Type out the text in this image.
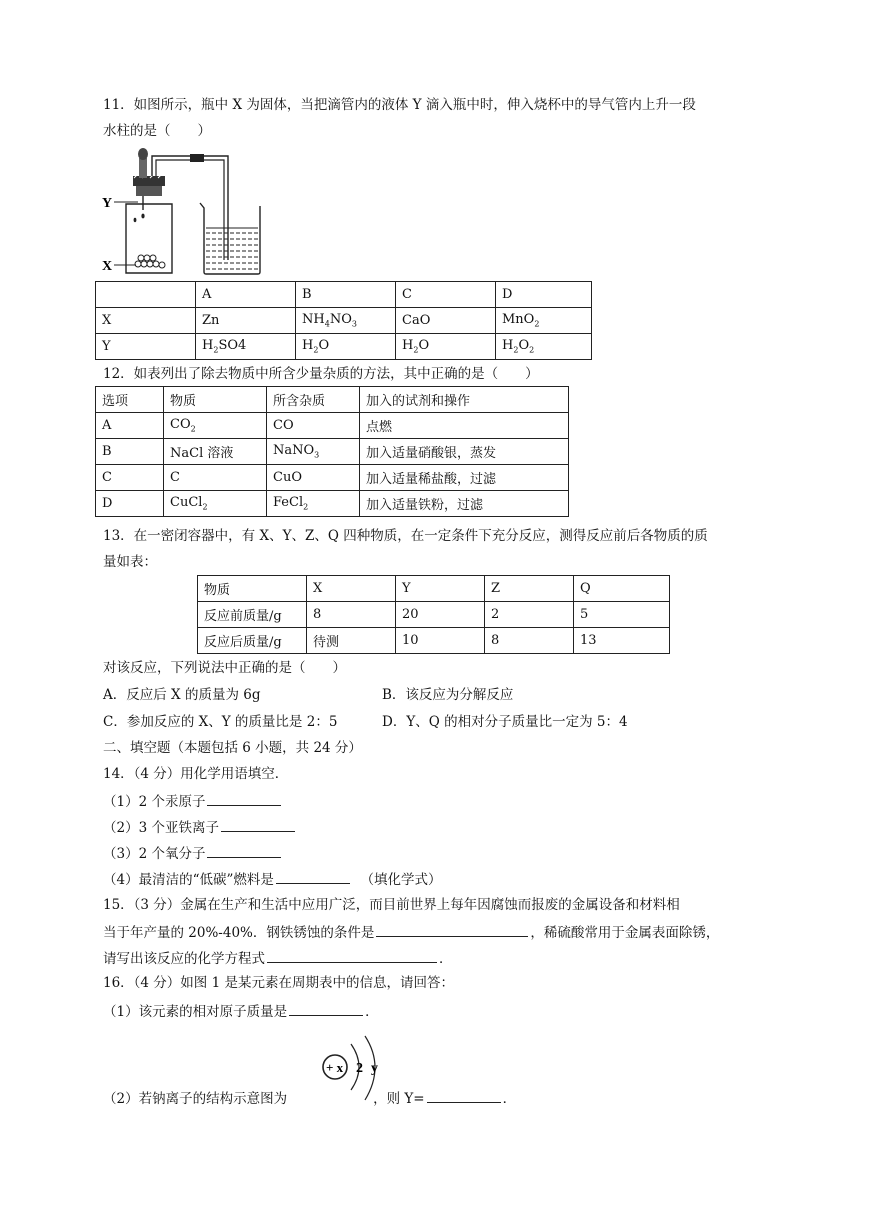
11．如图所示，瓶中 X 为固体，当把滴管内的液体 Y 滴入瓶中时，伸入烧杯中的导气管内上升一段
水柱的是（　　）
Y
X
	A	B	C	D
X	Zn	$NH_4NO_3$	CaO	MnO$_2$
Y	$H_2SO4$	$H_2O$	$H_2O$	$H_2O_2$
12．如表列出了除去物质中所含少量杂质的方法，其中正确的是（　　）
选项	物质	所含杂质	加入的试剂和操作
A	$CO_2$	CO	点燃
B	NaCl 溶液	NaNO$_3$	加入适量硝酸银，蒸发
C	C	CuO	加入适量稀盐酸，过滤
D	CuCl$_2$	FeCl$_2$	加入适量铁粉，过滤
13．在一密闭容器中，有 X、Y、Z、Q 四种物质，在一定条件下充分反应，测得反应前后各物质的质
量如表：
物质	X	Y	Z	Q
反应前质量/g	8	20	2	5
反应后质量/g	待测	10	8	13
对该反应，下列说法中正确的是（　　）
A．反应后 X 的质量为 6g	B．该反应为分解反应
C．参加反应的 X、Y 的质量比是 2：5	D．Y、Q 的相对分子质量比一定为 5：4
二、填空题（本题包括 6 小题，共 24 分）
14．（4 分）用化学用语填空．
（1）2 个汞原子
（2）3 个亚铁离子
（3）2 个氧分子
（4）最清洁的“低碳”燃料是	（填化学式）
15．（3 分）金属在生产和生活中应用广泛，而目前世界上每年因腐蚀而报废的金属设备和材料相
当于年产量的 20%-40%．钢铁锈蚀的条件是	，稀硫酸常用于金属表面除锈，
请写出该反应的化学方程式	．
16．（4 分）如图 1 是某元素在周期表中的信息，请回答：
（1）该元素的相对原子质量是	．
+ x 2 y
（2）若钠离子的结构示意图为	，则 Y=	．
